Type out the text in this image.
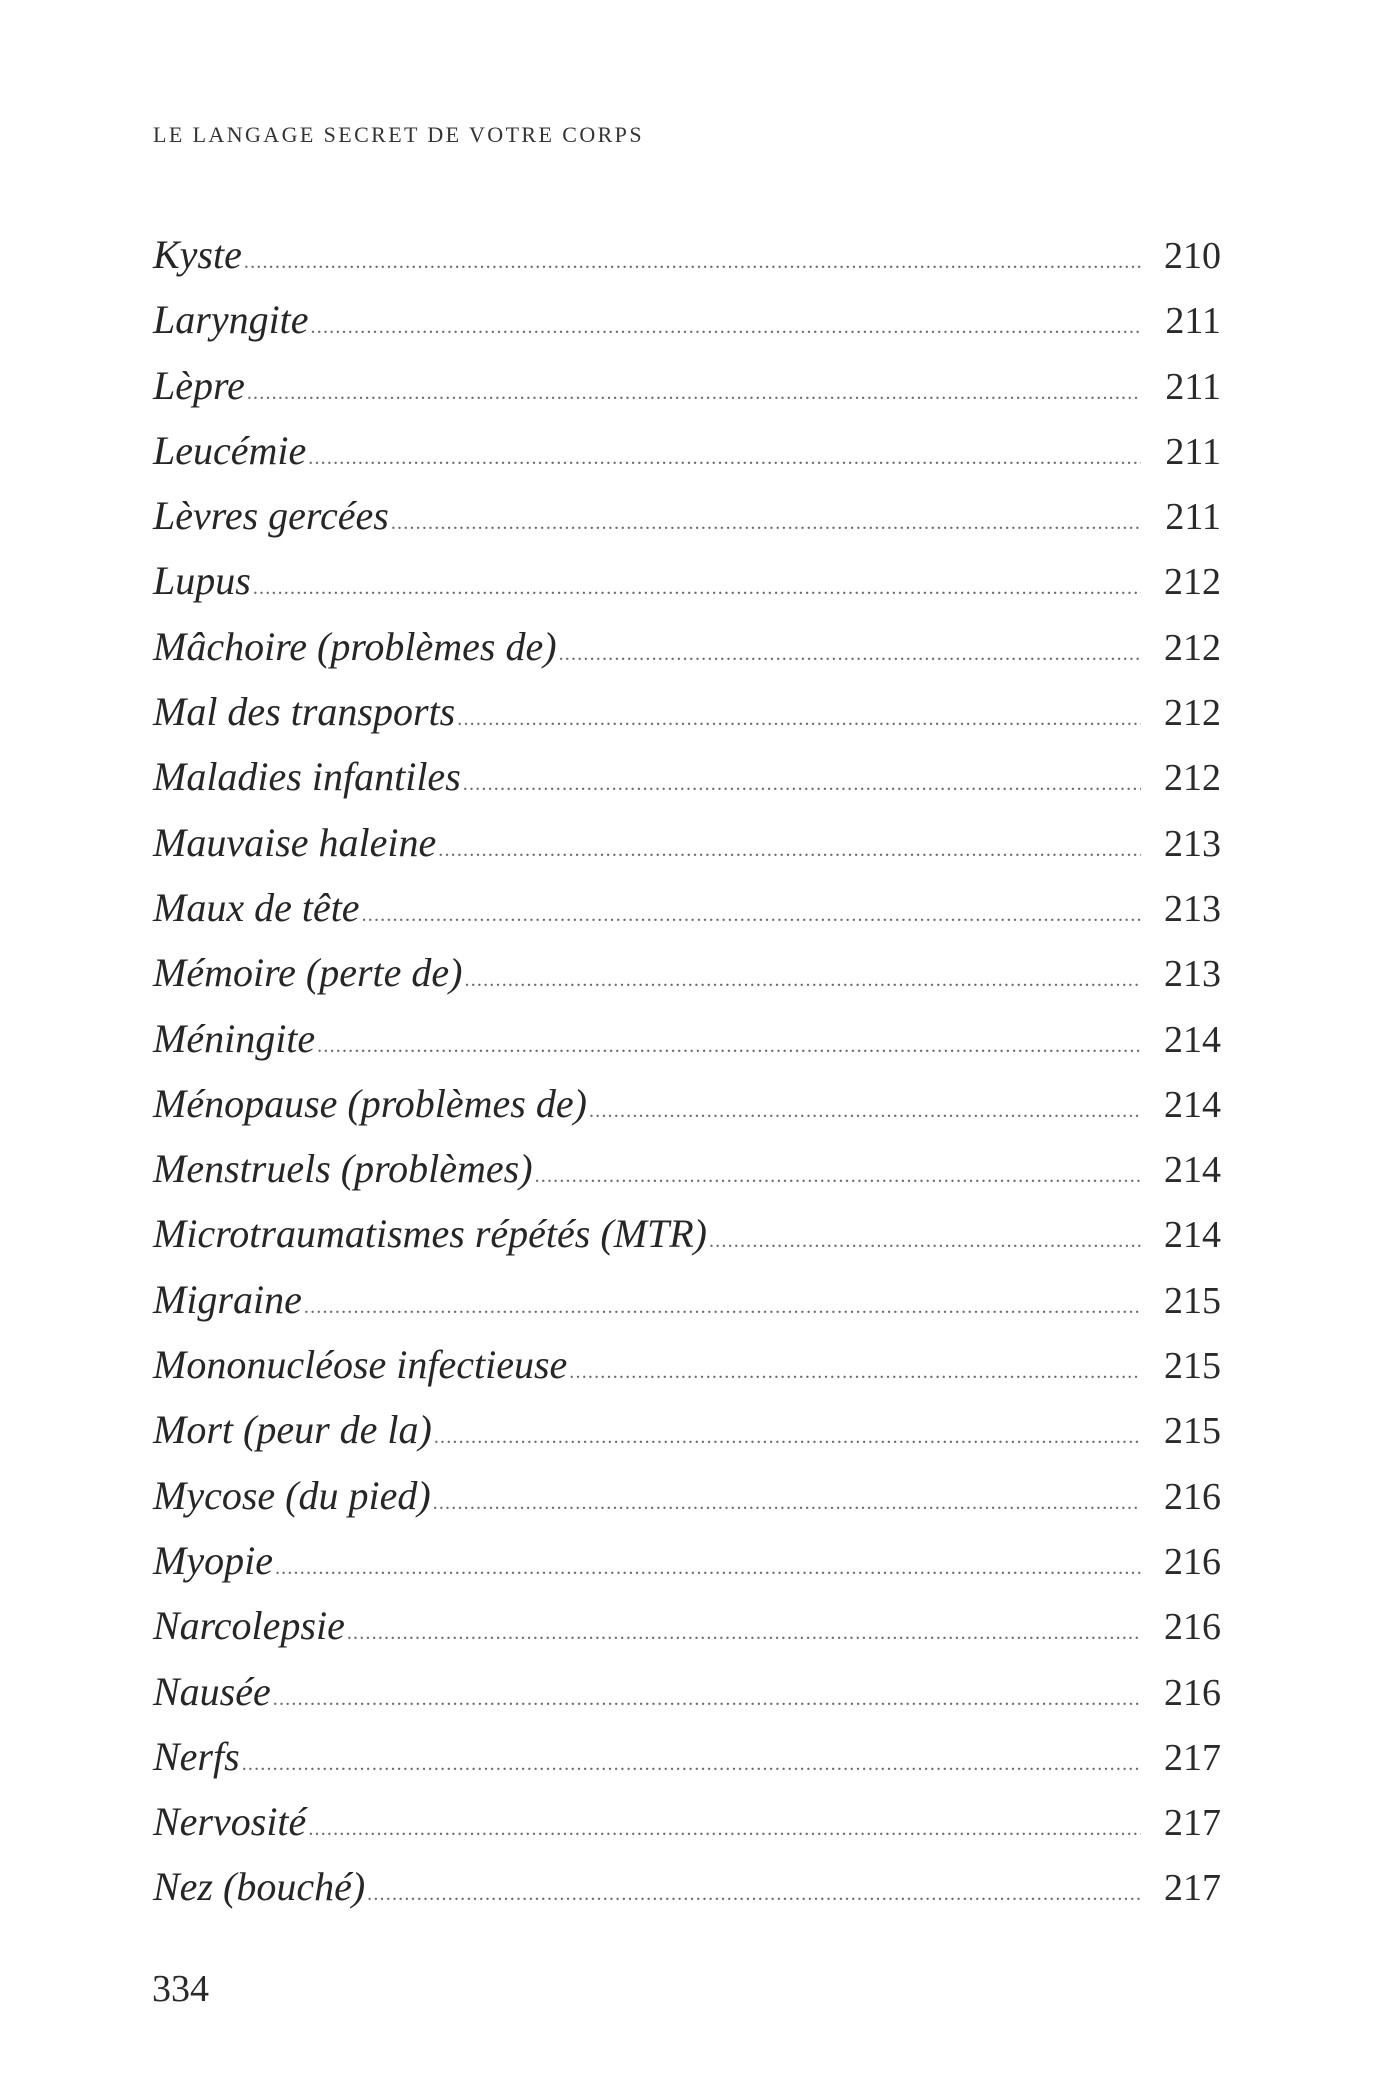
LE LANGAGE SECRET DE VOTRE CORPS
Kyste .....	210
Laryngite .....	211
Lèpre .....	211
Leucémie .....	211
Lèvres gercées .....	211
Lupus .....	212
Mâchoire (problèmes de) .....	212
Mal des transports .....	212
Maladies infantiles .....	212
Mauvaise haleine .....	213
Maux de tête .....	213
Mémoire (perte de) .....	213
Méningite .....	214
Ménopause (problèmes de) .....	214
Menstruels (problèmes) .....	214
Microtraumatismes répétés (MTR) .....	214
Migraine .....	215
Mononucléose infectieuse .....	215
Mort (peur de la) .....	215
Mycose (du pied) .....	216
Myopie .....	216
Narcolepsie .....	216
Nausée .....	216
Nerfs .....	217
Nervosité .....	217
Nez (bouché) .....	217
334
